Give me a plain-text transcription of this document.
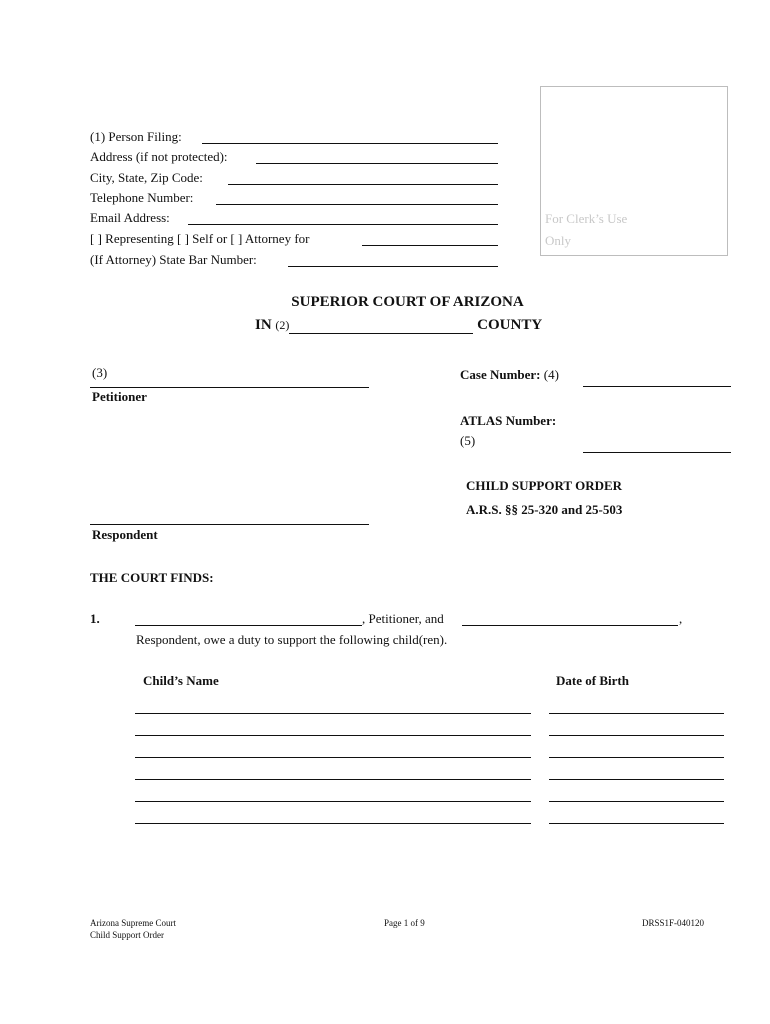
(1) Person Filing:
Address (if not protected):
City, State, Zip Code:
Telephone Number:
Email Address:
[ ] Representing [ ] Self or [ ] Attorney for
(If Attorney) State Bar Number:
For Clerk’s Use
Only
SUPERIOR COURT OF ARIZONA
IN (2)	COUNTY
(3)
Petitioner
Case Number: (4)
ATLAS Number:
(5)
CHILD SUPPORT ORDER
A.R.S. §§ 25-320 and 25-503
Respondent
THE COURT FINDS:
1.	, Petitioner, and	,
Respondent, owe a duty to support the following child(ren).
Child’s Name	Date of Birth
Arizona Supreme Court
Child Support Order
Page 1 of 9	DRSS1F-040120
